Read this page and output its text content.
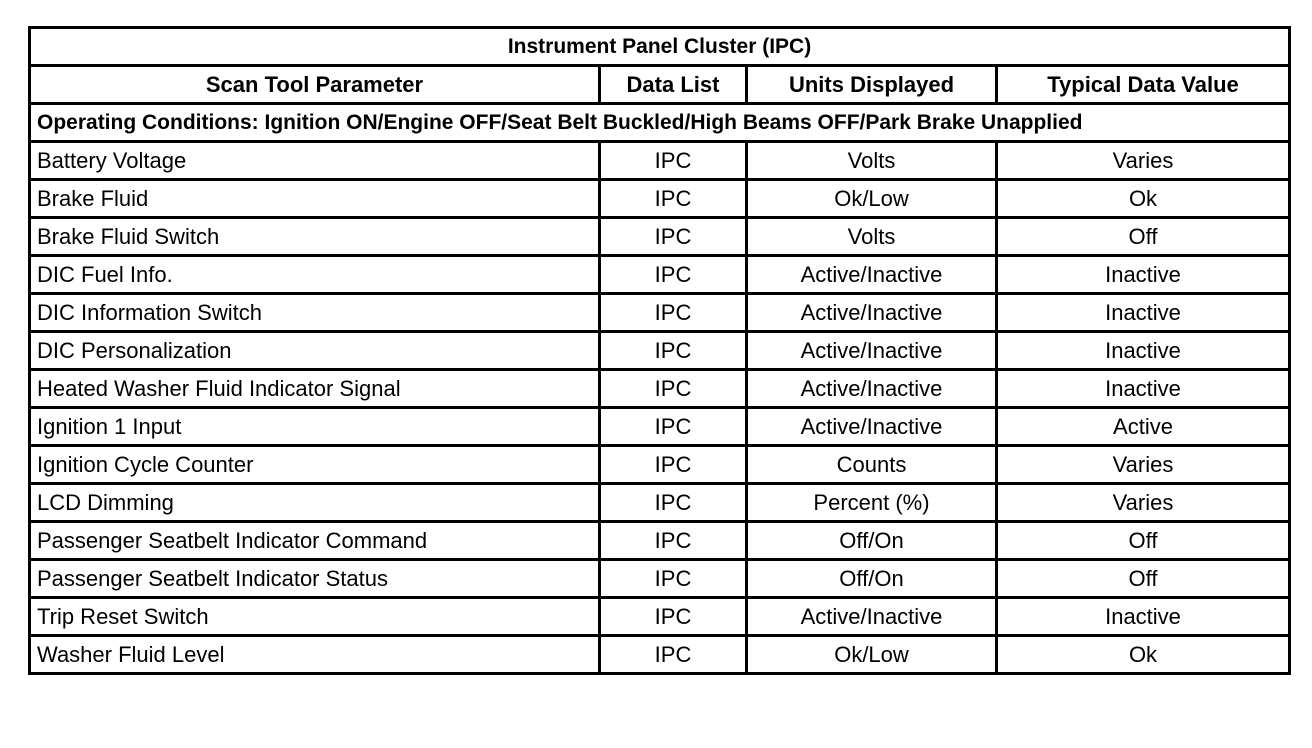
Instrument Panel Cluster (IPC)			
Scan Tool Parameter	Data List	Units Displayed	Typical Data Value
Operating Conditions: Ignition ON/Engine OFF/Seat Belt Buckled/High Beams OFF/Park Brake Unapplied			
Battery Voltage	IPC	Volts	Varies
Brake Fluid	IPC	Ok/Low	Ok
Brake Fluid Switch	IPC	Volts	Off
DIC Fuel Info.	IPC	Active/Inactive	Inactive
DIC Information Switch	IPC	Active/Inactive	Inactive
DIC Personalization	IPC	Active/Inactive	Inactive
Heated Washer Fluid Indicator Signal	IPC	Active/Inactive	Inactive
Ignition 1 Input	IPC	Active/Inactive	Active
Ignition Cycle Counter	IPC	Counts	Varies
LCD Dimming	IPC	Percent (%)	Varies
Passenger Seatbelt Indicator Command	IPC	Off/On	Off
Passenger Seatbelt Indicator Status	IPC	Off/On	Off
Trip Reset Switch	IPC	Active/Inactive	Inactive
Washer Fluid Level	IPC	Ok/Low	Ok
